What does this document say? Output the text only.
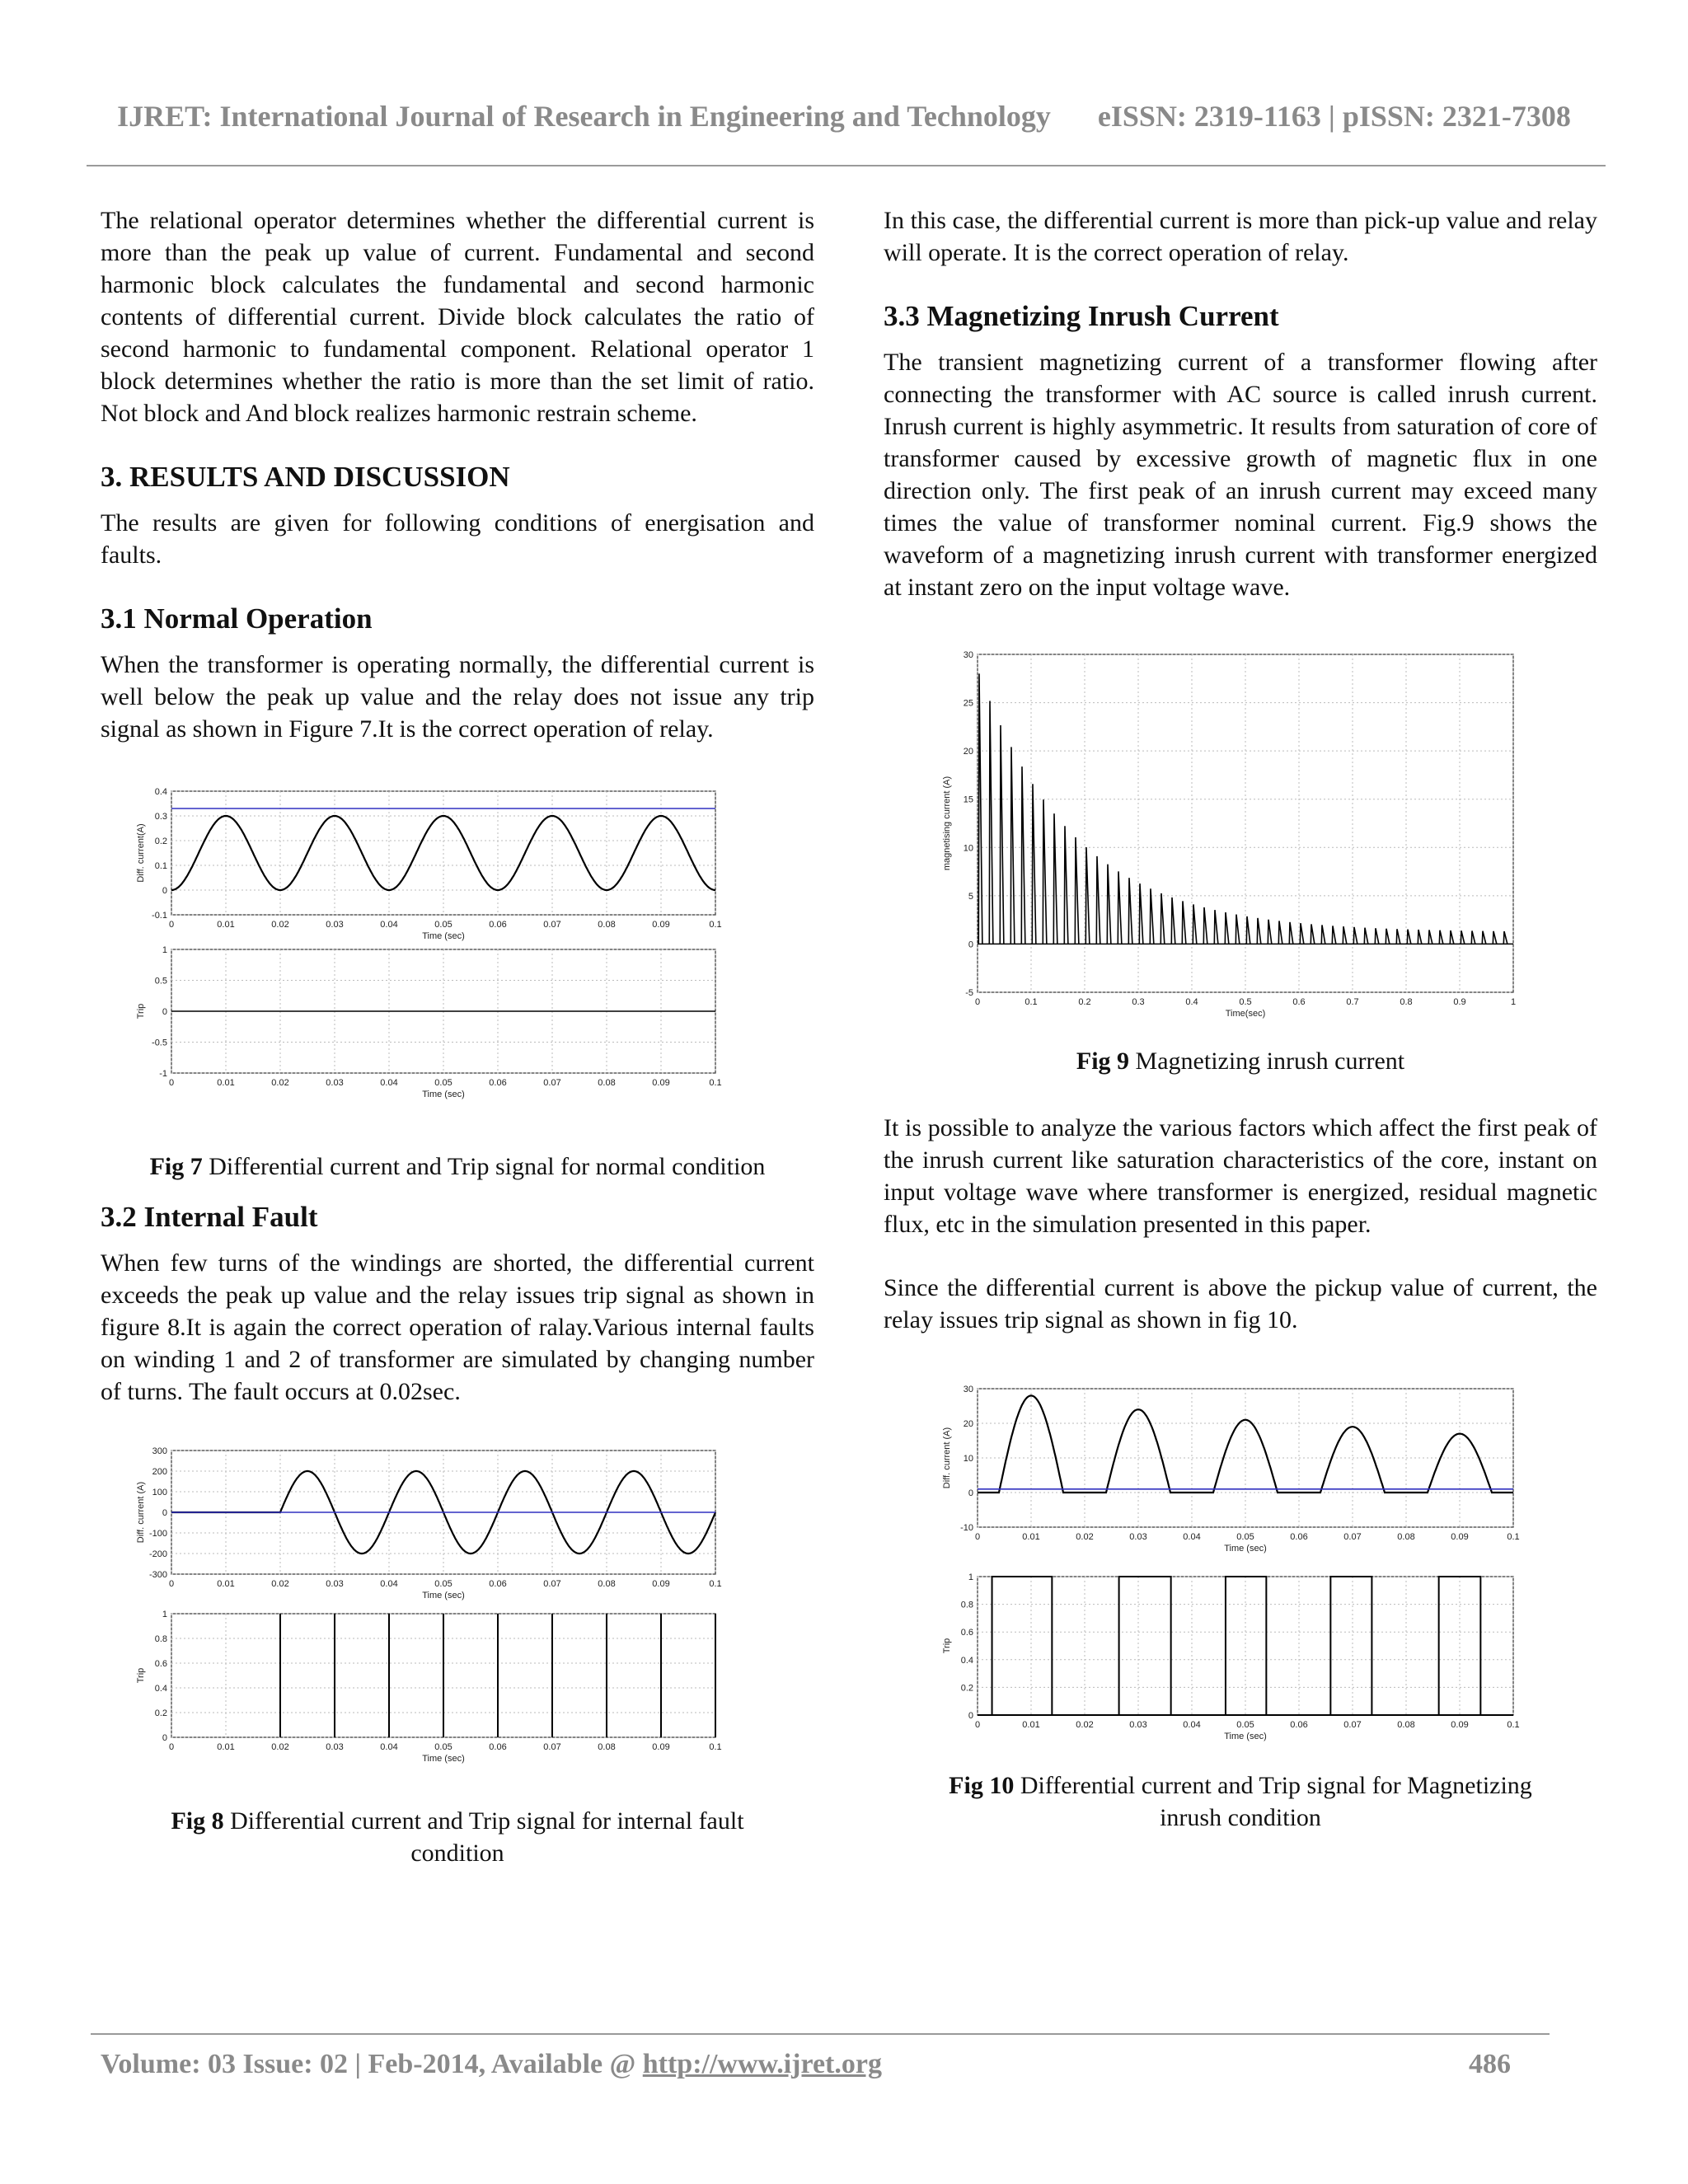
IJRET: International Journal of Research in Engineering and Technology eISSN: 2319-1163 | pISSN: 2321-7308

The relational operator determines whether the differential current is more than the peak up value of current. Fundamental and second harmonic block calculates the fundamental and second harmonic contents of differential current. Divide block calculates the ratio of second harmonic to fundamental component. Relational operator 1 block determines whether the ratio is more than the set limit of ratio. Not block and And block realizes harmonic restrain scheme.

3. RESULTS AND DISCUSSION

The results are given for following conditions of energisation and faults.

3.1 Normal Operation

When the transformer is operating normally, the differential current is well below the peak up value and the relay does not issue any trip signal as shown in Figure 7.It is the correct operation of relay.

0	0.01	0.02	0.03	0.04	0.05	0.06	0.07	0.08	0.09	0.1
-0.1
0
0.1
0.2
0.3
0.4
Time (sec)
Diff. current(A)
0	0.01	0.02	0.03	0.04	0.05	0.06	0.07	0.08	0.09	0.1
-1
-0.5
0
0.5
1
Time (sec)
Trip
Fig 7 Differential current and Trip signal for normal condition
3.2 Internal Fault

When few turns of the windings are shorted, the differential current exceeds the peak up value and the relay issues trip signal as shown in figure 8.It is again the correct operation of ralay.Various internal faults on winding 1 and 2 of transformer are simulated by changing number of turns. The fault occurs at 0.02sec.

0	0.01	0.02	0.03	0.04	0.05	0.06	0.07	0.08	0.09	0.1
-300
-200
-100
0
100
200
300
Time (sec)
Diff. current (A)
0	0.01	0.02	0.03	0.04	0.05	0.06	0.07	0.08	0.09	0.1
0
0.2
0.4
0.6
0.8
1
Time (sec)
Trip
Fig 8 Differential current and Trip signal for internal fault condition

In this case, the differential current is more than pick-up value and relay will operate. It is the correct operation of relay.

3.3 Magnetizing Inrush Current

The transient magnetizing current of a transformer flowing after connecting the transformer with AC source is called inrush current. Inrush current is highly asymmetric. It results from saturation of core of transformer caused by excessive growth of magnetic flux in one direction only. The first peak of an inrush current may exceed many times the value of transformer nominal current. Fig.9 shows the waveform of a magnetizing inrush current with transformer energized at instant zero on the input voltage wave.

0	0.1	0.2	0.3	0.4	0.5	0.6	0.7	0.8	0.9	1
-5
0
5
10
15
20
25
30
Time(sec)
magnetising current (A)
Fig 9 Magnetizing inrush current

It is possible to analyze the various factors which affect the first peak of the inrush current like saturation characteristics of the core, instant on input voltage wave where transformer is energized, residual magnetic flux, etc in the simulation presented in this paper.

Since the differential current is above the pickup value of current, the relay issues trip signal as shown in fig 10.

0	0.01	0.02	0.03	0.04	0.05	0.06	0.07	0.08	0.09	0.1
-10
0
10
20
30
Time (sec)
Diff. current (A)
0	0.01	0.02	0.03	0.04	0.05	0.06	0.07	0.08	0.09	0.1
0
0.2
0.4
0.6
0.8
1
Time (sec)
Trip
Fig 10 Differential current and Trip signal for Magnetizing inrush condition
Volume: 03 Issue: 02 | Feb-2014, Available @ http://www.ijret.org	486
